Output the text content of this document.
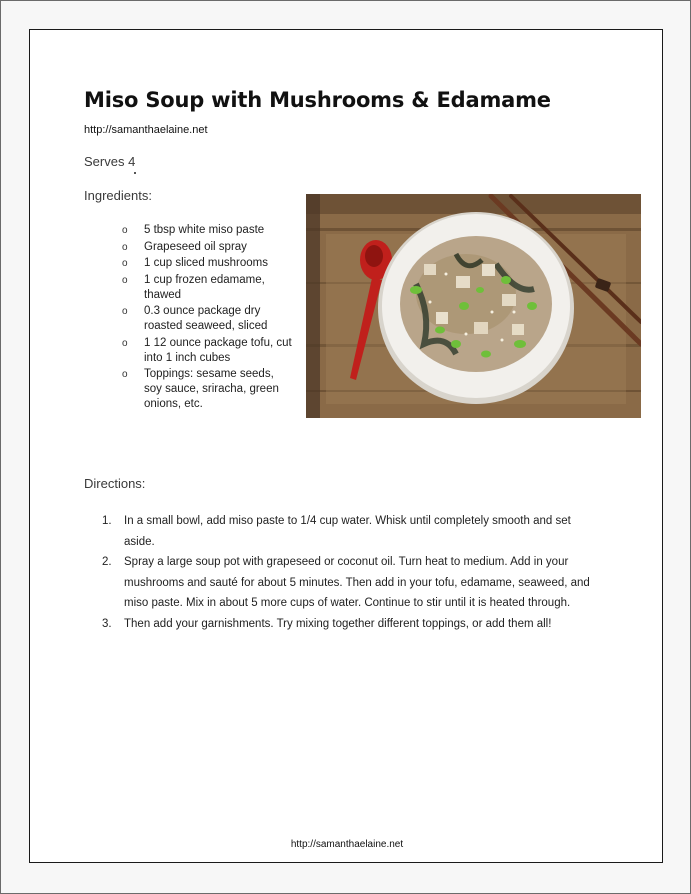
Miso Soup with Mushrooms & Edamame
http://samanthaelaine.net
Serves 4
Ingredients:
o 5 tbsp white miso paste
o Grapeseed oil spray
o 1 cup sliced mushrooms
o 1 cup frozen edamame, thawed
o 0.3 ounce package dry roasted seaweed, sliced
o 1 12 ounce package tofu, cut into 1 inch cubes
o Toppings: sesame seeds, soy sauce, sriracha, green onions, etc.
Directions:
1. In a small bowl, add miso paste to 1/4 cup water. Whisk until completely smooth and set aside.
2. Spray a large soup pot with grapeseed or coconut oil. Turn heat to medium. Add in your mushrooms and sauté for about 5 minutes. Then add in your tofu, edamame, seaweed, and miso paste. Mix in about 5 more cups of water. Continue to stir until it is heated through.
3. Then add your garnishments. Try mixing together different toppings, or add them all!
http://samanthaelaine.net
